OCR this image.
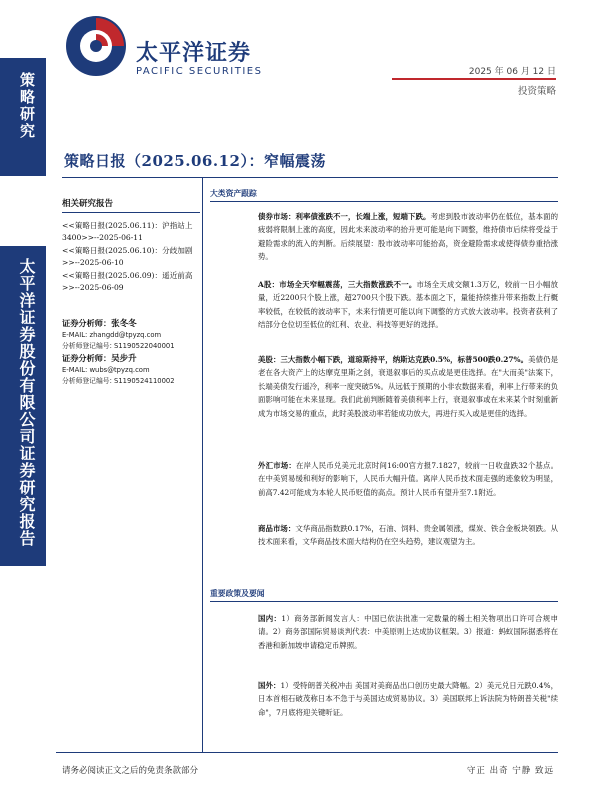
策略研究
太平洋证券股份有限公司证券研究报告
太平洋证券
PACIFIC SECURITIES	2025 年 06 月 12 日
投资策略
策略日报（2025.06.12）：窄幅震荡
相关研究报告
<<策略日报(2025.06.11)：沪指站上3400>>--2025-06-11
<<策略日报(2025.06.10)：分歧加剧>>--2025-06-10
<<策略日报(2025.06.09)：遥近前高>>--2025-06-09
证券分析师：张冬冬
E-MAIL: zhangdd@tpyzq.com
分析师登记编号: S1190522040001
证券分析师：吴步升
E-MAIL: wubs@tpyzq.com
分析师登记编号: S1190524110002
大类资产跟踪
债券市场：利率债涨跌不一，长端上涨，短端下跌。考虑到股市波动率仍在低位，基本面的疲弱将限制上涨的高度，因此未来波动率的抬升更可能是向下调整，维持债市后续将受益于避险需求的流入的判断。后续展望：股市波动率可能抬高，资金避险需求或使得债券重拾涨势。
A股：市场全天窄幅震荡，三大指数涨跌不一。市场全天成交额1.3万亿，较前一日小幅放量，近2200只个股上涨，超2700只个股下跌。基本面之下，量能持续推升带来指数上行概率较低，在较低的波动率下，未来行情更可能以向下调整的方式放大波动率。投资者获利了结部分仓位切至低位的红利、农业、科技等更好的选择。
美股：三大指数小幅下跌，道琼斯持平，纳斯达克跌0.5%，标普500跌0.27%。美债仍是老在各大资产上的达摩克里斯之剑，衰退叙事后的买点或是更佳选择。在"大而美"法案下，长端美债发行遥冷，利率一度突破5%。从远低于预期的小非农数据来看，利率上行带来的负面影响可能在未来显现。我们此前判断随着美债利率上行，衰退叙事或在未来某个时刻重新成为市场交易的重点，此时美股波动率若能成功放大，再进行买入或是更佳的选择。
外汇市场：在岸人民币兑美元北京时间16:00官方报7.1827，较前一日收盘跌32个基点。在中美贸易缓和利好的影响下，人民币大幅升值。离岸人民币技术面走强的迹象较为明显，前高7.42可能成为本轮人民币贬值的高点。预计人民币有望升至7.1附近。
商品市场：文华商品指数跌0.17%，石油、饲料、贵金属领涨，煤炭、铁合金板块领跌。从技术面来看，文华商品技术面大结构仍在空头趋势，建议观望为主。
重要政策及要闻
国内：1）商务部新闻发言人：中国已依法批准一定数量的稀土相关物项出口许可合规申请。2）商务部国际贸易谈判代表：中美原则上达成协议框架。3）报道：蚂蚁国际据悉将在香港和新加坡申请稳定币牌照。
国外：1）受特朗普关税冲击 美国对美商品出口创历史最大降幅。2）美元兑日元跌0.4%，日本首相石破茂称日本不急于与美国达成贸易协议。3）美国联邦上诉法院为特朗普关税"续命"，7月底将迎关键听证。
请务必阅读正文之后的免责条款部分	守正 出奇 宁静 致远
